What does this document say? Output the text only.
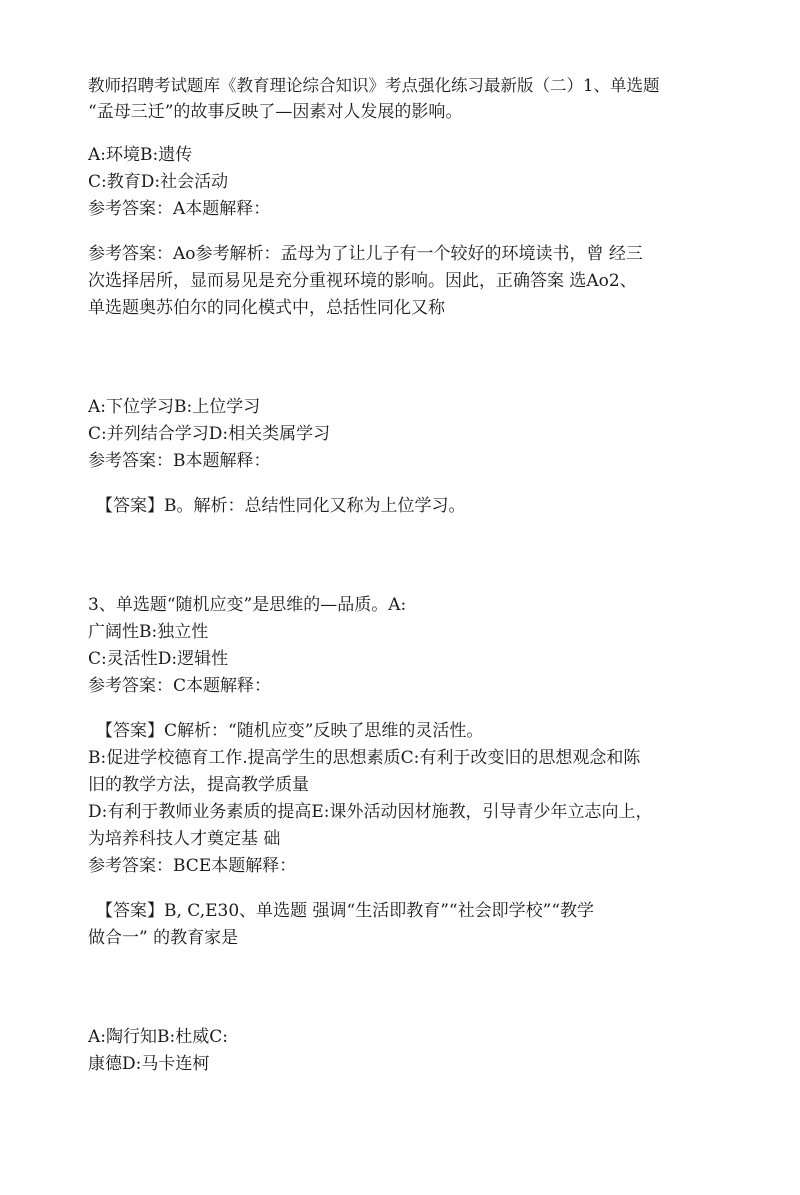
教师招聘考试题库《教育理论综合知识》考点强化练习最新版（二）1、单选题
“孟母三迁”的故事反映了—因素对人发展的影响。
A:环境B:遗传
C:教育D:社会活动
参考答案：A本题解释：
参考答案：Ao参考解析：孟母为了让儿子有一个较好的环境读书，曾 经三
次选择居所，显而易见是充分重视环境的影响。因此，正确答案 选Ao2、
单选题奥苏伯尔的同化模式中，总括性同化又称
A:下位学习B:上位学习
C:并列结合学习D:相关类属学习
参考答案：B本题解释：
【答案】B。解析：总结性同化又称为上位学习。
3、单选题“随机应变”是思维的—品质。A:
广阔性B:独立性
C:灵活性D:逻辑性
参考答案：C本题解释：
【答案】C解析：“随机应变”反映了思维的灵活性。
B:促进学校德育工作.提高学生的思想素质C:有利于改变旧的思想观念和陈
旧的教学方法，提高教学质量
D:有利于教师业务素质的提高E:课外活动因材施教，引导青少年立志向上，
为培养科技人才奠定基 础
参考答案：BCE本题解释：
【答案】B, C,E30、单选题 强调“生活即教育”“社会即学校”“教学
做合一” 的教育家是
A:陶行知B:杜威C:
康德D:马卡连柯
